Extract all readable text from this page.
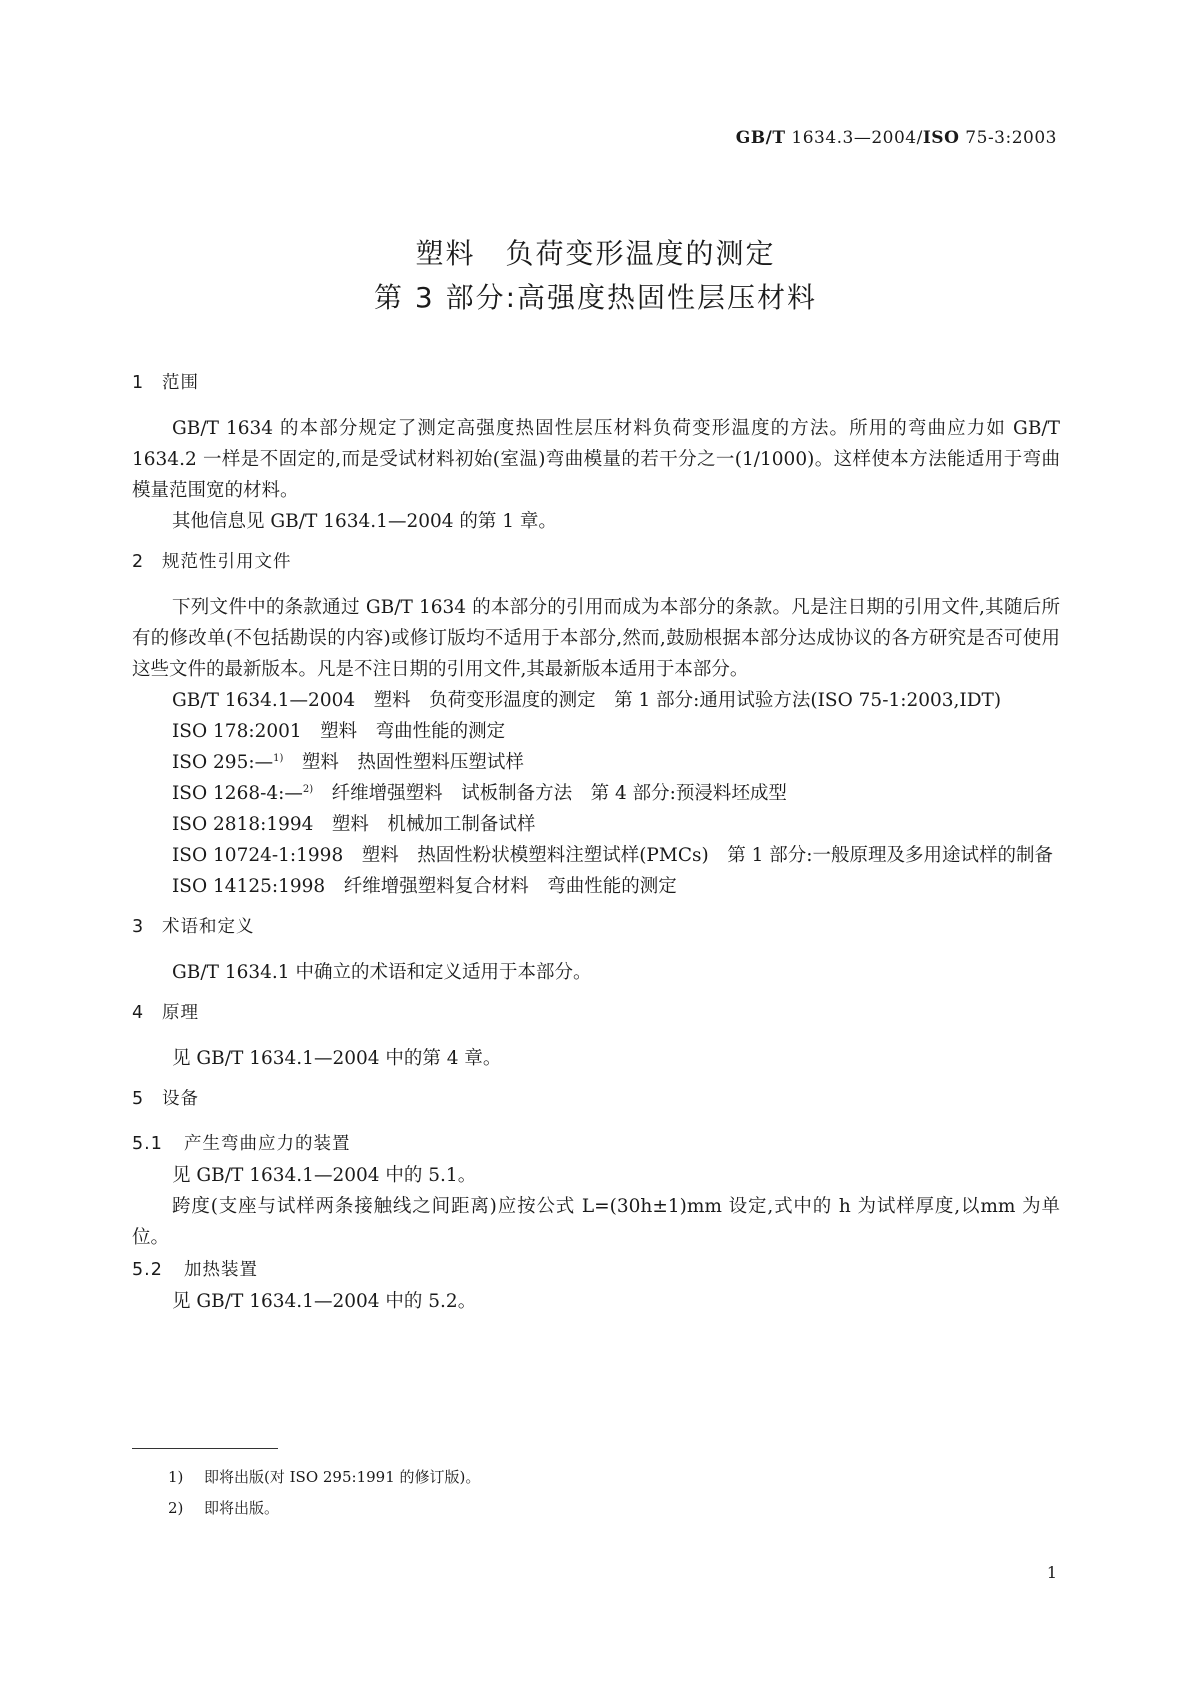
GB/T 1634.3—2004/ISO 75-3:2003
塑料　负荷变形温度的测定
第 3 部分:高强度热固性层压材料
1 范围

GB/T 1634 的本部分规定了测定高强度热固性层压材料负荷变形温度的方法。所用的弯曲应力如 GB/T 1634.2 一样是不固定的,而是受试材料初始(室温)弯曲模量的若干分之一(1/1000)。这样使本方法能适用于弯曲模量范围宽的材料。

其他信息见 GB/T 1634.1—2004 的第 1 章。

2 规范性引用文件

下列文件中的条款通过 GB/T 1634 的本部分的引用而成为本部分的条款。凡是注日期的引用文件,其随后所有的修改单(不包括勘误的内容)或修订版均不适用于本部分,然而,鼓励根据本部分达成协议的各方研究是否可使用这些文件的最新版本。凡是不注日期的引用文件,其最新版本适用于本部分。

GB/T 1634.1—2004　塑料　负荷变形温度的测定　第 1 部分:通用试验方法(ISO 75-1:2003,IDT)

ISO 178:2001　塑料　弯曲性能的测定

ISO 295:—$^{1)}$　塑料　热固性塑料压塑试样

ISO 1268-4:—$^{2)}$　纤维增强塑料　试板制备方法　第 4 部分:预浸料坯成型

ISO 2818:1994　塑料　机械加工制备试样

ISO 10724-1:1998　塑料　热固性粉状模塑料注塑试样(PMCs)　第 1 部分:一般原理及多用途试样的制备

ISO 14125:1998　纤维增强塑料复合材料　弯曲性能的测定

3 术语和定义

GB/T 1634.1 中确立的术语和定义适用于本部分。

4 原理

见 GB/T 1634.1—2004 中的第 4 章。

5 设备
5.1 产生弯曲应力的装置

见 GB/T 1634.1—2004 中的 5.1。

跨度(支座与试样两条接触线之间距离)应按公式 L=(30h±1)mm 设定,式中的 h 为试样厚度,以mm 为单位。

5.2 加热装置

见 GB/T 1634.1—2004 中的 5.2。

1) 即将出版(对 ISO 295:1991 的修订版)。
2) 即将出版。
1
